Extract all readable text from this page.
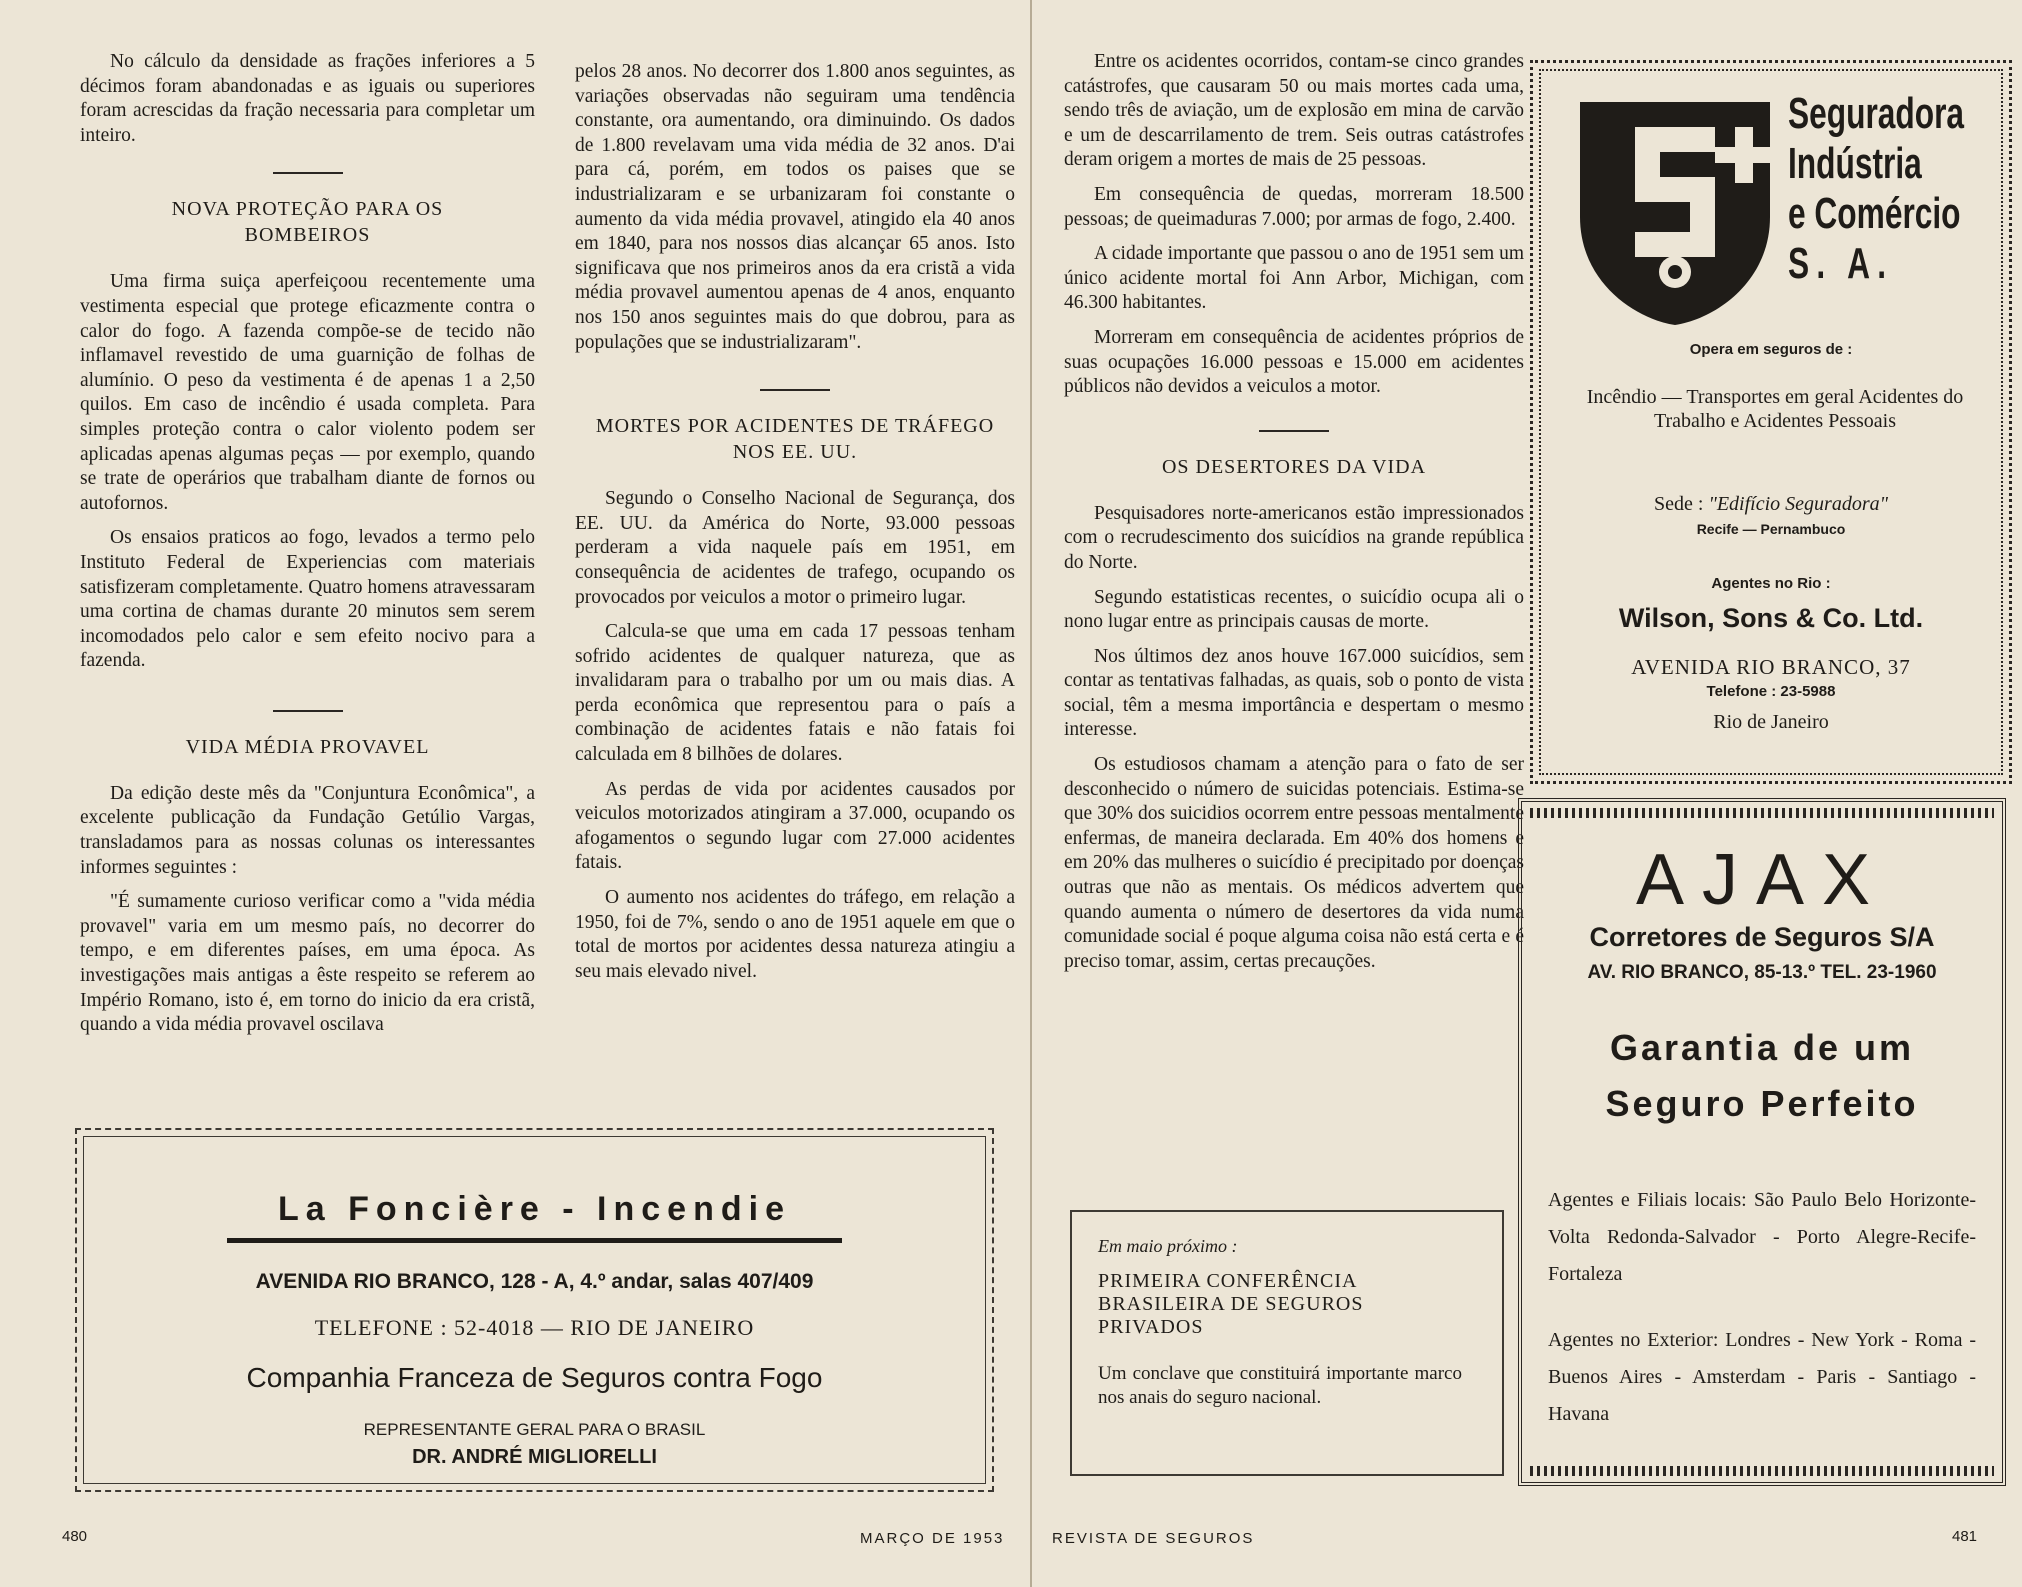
No cálculo da densidade as frações inferiores a 5 décimos foram abandonadas e as iguais ou superiores foram acrescidas da fração necessaria para completar um inteiro.

NOVA PROTEÇÃO PARA OS BOMBEIROS

Uma firma suiça aperfeiçoou recentemente uma vestimenta especial que protege eficazmente contra o calor do fogo. A fazenda compõe-se de tecido não inflamavel revestido de uma guarnição de folhas de alumínio. O peso da vestimenta é de apenas 1 a 2,50 quilos. Em caso de incêndio é usada completa. Para simples proteção contra o calor violento podem ser aplicadas apenas algumas peças — por exemplo, quando se trate de operários que trabalham diante de fornos ou autofornos.

Os ensaios praticos ao fogo, levados a termo pelo Instituto Federal de Experiencias com materiais satisfizeram completamente. Quatro homens atravessaram uma cortina de chamas durante 20 minutos sem serem incomodados pelo calor e sem efeito nocivo para a fazenda.

VIDA MÉDIA PROVAVEL

Da edição deste mês da "Conjuntura Econômica", a excelente publicação da Fundação Getúlio Vargas, transladamos para as nossas colunas os interessantes informes seguintes :

"É sumamente curioso verificar como a "vida média provavel" varia em um mesmo país, no decorrer do tempo, e em diferentes países, em uma época. As investigações mais antigas a êste respeito se referem ao Império Romano, isto é, em torno do inicio da era cristã, quando a vida média provavel oscilava

pelos 28 anos. No decorrer dos 1.800 anos seguintes, as variações observadas não seguiram uma tendência constante, ora aumentando, ora diminuindo. Os dados de 1.800 revelavam uma vida média de 32 anos. D'ai para cá, porém, em todos os paises que se industrializaram e se urbanizaram foi constante o aumento da vida média provavel, atingido ela 40 anos em 1840, para nos nossos dias alcançar 65 anos. Isto significava que nos primeiros anos da era cristã a vida média provavel aumentou apenas de 4 anos, enquanto nos 150 anos seguintes mais do que dobrou, para as populações que se industrializaram".

MORTES POR ACIDENTES DE TRÁFEGO NOS EE. UU.

Segundo o Conselho Nacional de Segurança, dos EE. UU. da América do Norte, 93.000 pessoas perderam a vida naquele país em 1951, em consequência de acidentes de trafego, ocupando os provocados por veiculos a motor o primeiro lugar.

Calcula-se que uma em cada 17 pessoas tenham sofrido acidentes de qualquer natureza, que as invalidaram para o trabalho por um ou mais dias. A perda econômica que representou para o país a combinação de acidentes fatais e não fatais foi calculada em 8 bilhões de dolares.

As perdas de vida por acidentes causados por veiculos motorizados atingiram a 37.000, ocupando os afogamentos o segundo lugar com 27.000 acidentes fatais.

O aumento nos acidentes do tráfego, em relação a 1950, foi de 7%, sendo o ano de 1951 aquele em que o total de mortos por acidentes dessa natureza atingiu a seu mais elevado nivel.

La Foncière - Incendie
AVENIDA RIO BRANCO, 128 - A, 4.º andar, salas 407/409
TELEFONE : 52-4018 — RIO DE JANEIRO
Companhia Franceza de Seguros contra Fogo
REPRESENTANTE GERAL PARA O BRASIL
DR. ANDRÉ MIGLIORELLI
480	MARÇO DE 1953

Entre os acidentes ocorridos, contam-se cinco grandes catástrofes, que causaram 50 ou mais mortes cada uma, sendo três de aviação, um de explosão em mina de carvão e um de descarrilamento de trem. Seis outras catástrofes deram origem a mortes de mais de 25 pessoas.

Em consequência de quedas, morreram 18.500 pessoas; de queimaduras 7.000; por armas de fogo, 2.400.

A cidade importante que passou o ano de 1951 sem um único acidente mortal foi Ann Arbor, Michigan, com 46.300 habitantes.

Morreram em consequência de acidentes próprios de suas ocupações 16.000 pessoas e 15.000 em acidentes públicos não devidos a veiculos a motor.

OS DESERTORES DA VIDA

Pesquisadores norte-americanos estão impressionados com o recrudescimento dos suicídios na grande república do Norte.

Segundo estatisticas recentes, o suicídio ocupa ali o nono lugar entre as principais causas de morte.

Nos últimos dez anos houve 167.000 suicídios, sem contar as tentativas falhadas, as quais, sob o ponto de vista social, têm a mesma importância e despertam o mesmo interesse.

Os estudiosos chamam a atenção para o fato de ser desconhecido o número de suicidas potenciais. Estima-se que 30% dos suicidios ocorrem entre pessoas mentalmente enfermas, de maneira declarada. Em 40% dos homens e em 20% das mulheres o suicídio é precipitado por doenças outras que não as mentais. Os médicos advertem que quando aumenta o número de desertores da vida numa comunidade social é poque alguma coisa não está certa e é preciso tomar, assim, certas precauções.

Em maio próximo :
PRIMEIRA CONFERÊNCIA BRASILEIRA DE SEGUROS PRIVADOS
Um conclave que constituirá importante marco nos anais do seguro nacional.
Seguradora
Indústria
e Comércio
S. A.
Opera em seguros de :
Incêndio — Transportes em geral Acidentes do Trabalho e Acidentes Pessoais
Sede : "Edifício Seguradora"
Recife — Pernambuco
Agentes no Rio :
Wilson, Sons & Co. Ltd.
AVENIDA RIO BRANCO, 37
Telefone : 23-5988
Rio de Janeiro
AJAX
Corretores de Seguros S/A
AV. RIO BRANCO, 85-13.º TEL. 23-1960
Garantia de um
Seguro Perfeito
Agentes e Filiais locais: São Paulo Belo Horizonte-Volta Redonda-Salvador - Porto Alegre-Recife-Fortaleza
Agentes no Exterior: Londres - New York - Roma - Buenos Aires - Amsterdam - Paris - Santiago - Havana
REVISTA DE SEGUROS	481
